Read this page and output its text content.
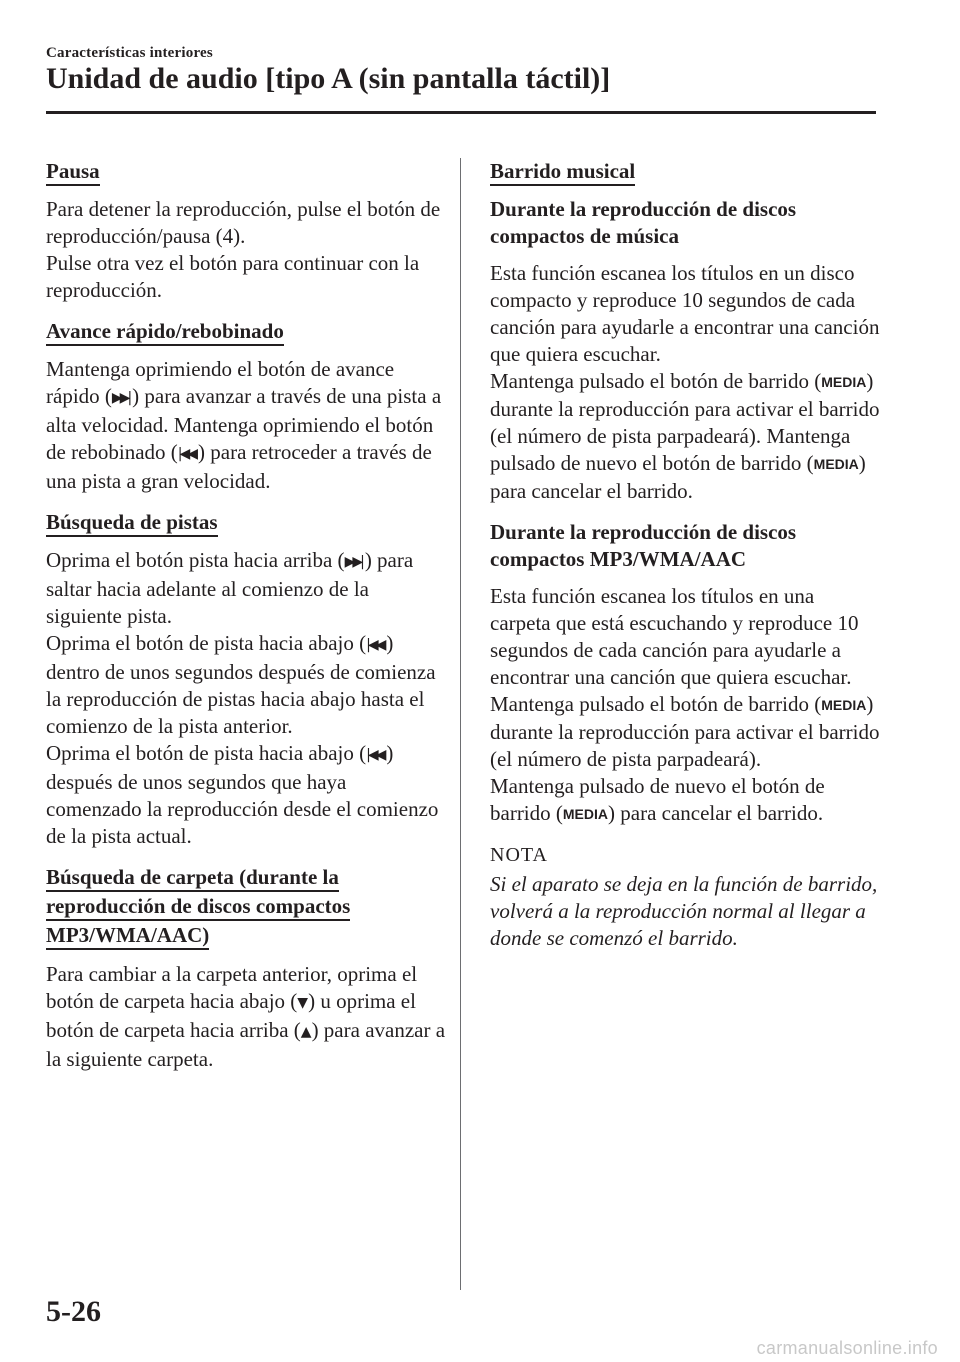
Características interiores
Unidad de audio [tipo A (sin pantalla táctil)]
Pausa

Para detener la reproducción, pulse el botón de reproducción/pausa (4).

Pulse otra vez el botón para continuar con la reproducción.

Avance rápido/rebobinado

Mantenga oprimiendo el botón de avance rápido (▶▶| ) para avanzar a través de una pista a alta velocidad. Mantenga oprimiendo el botón de rebobinado (|◀◀ ) para retroceder a través de una pista a gran velocidad.

Búsqueda de pistas

Oprima el botón pista hacia arriba (▶▶| ) para saltar hacia adelante al comienzo de la siguiente pista.

Oprima el botón de pista hacia abajo (|◀◀ ) dentro de unos segundos después de comienza la reproducción de pistas hacia abajo hasta el comienzo de la pista anterior.

Oprima el botón de pista hacia abajo (|◀◀ ) después de unos segundos que haya comenzado la reproducción desde el comienzo de la pista actual.

Búsqueda de carpeta (durante la
reproducción de discos compactos
MP3/WMA/AAC)

Para cambiar a la carpeta anterior, oprima el botón de carpeta hacia abajo (▼ ) u oprima el botón de carpeta hacia arriba (▲ ) para avanzar a la siguiente carpeta.

Barrido musical
Durante la reproducción de discos compactos de música

Esta función escanea los títulos en un disco compacto y reproduce 10 segundos de cada canción para ayudarle a encontrar una canción que quiera escuchar.

Mantenga pulsado el botón de barrido (MEDIA) durante la reproducción para activar el barrido (el número de pista parpadeará). Mantenga pulsado de nuevo el botón de barrido (MEDIA) para cancelar el barrido.

Durante la reproducción de discos compactos MP3/WMA/AAC

Esta función escanea los títulos en una carpeta que está escuchando y reproduce 10 segundos de cada canción para ayudarle a encontrar una canción que quiera escuchar. Mantenga pulsado el botón de barrido (MEDIA) durante la reproducción para activar el barrido (el número de pista parpadeará).

Mantenga pulsado de nuevo el botón de barrido (MEDIA) para cancelar el barrido.

NOTA

Si el aparato se deja en la función de barrido, volverá a la reproducción normal al llegar a donde se comenzó el barrido.

5-26
carmanualsonline.info
